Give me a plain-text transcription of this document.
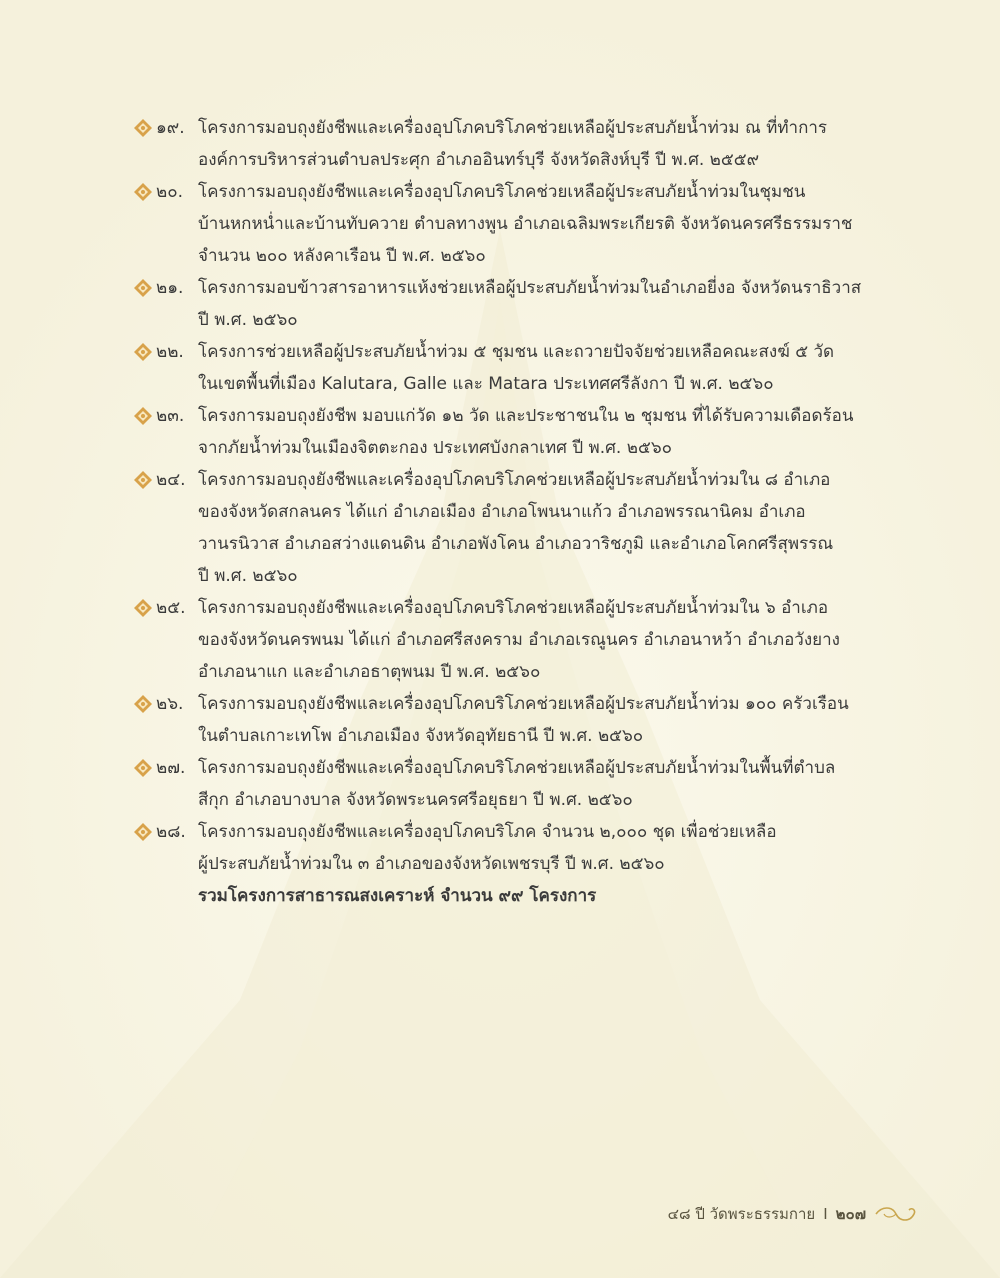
๑๙. โครงการมอบถุงยังชีพและเครื่องอุปโภคบริโภคช่วยเหลือผู้ประสบภัยน้ำท่วม ณ ที่ทำการ
องค์การบริหารส่วนตำบลประศุก อำเภออินทร์บุรี จังหวัดสิงห์บุรี ปี พ.ศ. ๒๕๕๙
๒๐. โครงการมอบถุงยังชีพและเครื่องอุปโภคบริโภคช่วยเหลือผู้ประสบภัยน้ำท่วมในชุมชน
บ้านหกหน่ำและบ้านทับควาย ตำบลทางพูน อำเภอเฉลิมพระเกียรติ จังหวัดนครศรีธรรมราช
จำนวน ๒๐๐ หลังคาเรือน ปี พ.ศ. ๒๕๖๐
๒๑. โครงการมอบข้าวสารอาหารแห้งช่วยเหลือผู้ประสบภัยน้ำท่วมในอำเภอยี่งอ จังหวัดนราธิวาส
ปี พ.ศ. ๒๕๖๐
๒๒. โครงการช่วยเหลือผู้ประสบภัยน้ำท่วม ๕ ชุมชน และถวายปัจจัยช่วยเหลือคณะสงฆ์ ๕ วัด
ในเขตพื้นที่เมือง Kalutara, Galle และ Matara ประเทศศรีลังกา ปี พ.ศ. ๒๕๖๐
๒๓. โครงการมอบถุงยังชีพ มอบแก่วัด ๑๒ วัด และประชาชนใน ๒ ชุมชน ที่ได้รับความเดือดร้อน
จากภัยน้ำท่วมในเมืองจิตตะกอง ประเทศบังกลาเทศ ปี พ.ศ. ๒๕๖๐
๒๔. โครงการมอบถุงยังชีพและเครื่องอุปโภคบริโภคช่วยเหลือผู้ประสบภัยน้ำท่วมใน ๘ อำเภอ
ของจังหวัดสกลนคร ได้แก่ อำเภอเมือง อำเภอโพนนาแก้ว อำเภอพรรณานิคม อำเภอ
วานรนิวาส อำเภอสว่างแดนดิน อำเภอพังโคน อำเภอวาริชภูมิ และอำเภอโคกศรีสุพรรณ
ปี พ.ศ. ๒๕๖๐
๒๕. โครงการมอบถุงยังชีพและเครื่องอุปโภคบริโภคช่วยเหลือผู้ประสบภัยน้ำท่วมใน ๖ อำเภอ
ของจังหวัดนครพนม ได้แก่ อำเภอศรีสงคราม อำเภอเรณูนคร อำเภอนาหว้า อำเภอวังยาง
อำเภอนาแก และอำเภอธาตุพนม ปี พ.ศ. ๒๕๖๐
๒๖. โครงการมอบถุงยังชีพและเครื่องอุปโภคบริโภคช่วยเหลือผู้ประสบภัยน้ำท่วม ๑๐๐ ครัวเรือน
ในตำบลเกาะเทโพ อำเภอเมือง จังหวัดอุทัยธานี ปี พ.ศ. ๒๕๖๐
๒๗. โครงการมอบถุงยังชีพและเครื่องอุปโภคบริโภคช่วยเหลือผู้ประสบภัยน้ำท่วมในพื้นที่ตำบล
สีกุก อำเภอบางบาล จังหวัดพระนครศรีอยุธยา ปี พ.ศ. ๒๕๖๐
๒๘. โครงการมอบถุงยังชีพและเครื่องอุปโภคบริโภค จำนวน ๒,๐๐๐ ชุด เพื่อช่วยเหลือ
ผู้ประสบภัยน้ำท่วมใน ๓ อำเภอของจังหวัดเพชรบุรี ปี พ.ศ. ๒๕๖๐
รวมโครงการสาธารณสงเคราะห์ จำนวน ๙๙ โครงการ
๔๘ ปี วัดพระธรรมกาย I ๒๐๗
